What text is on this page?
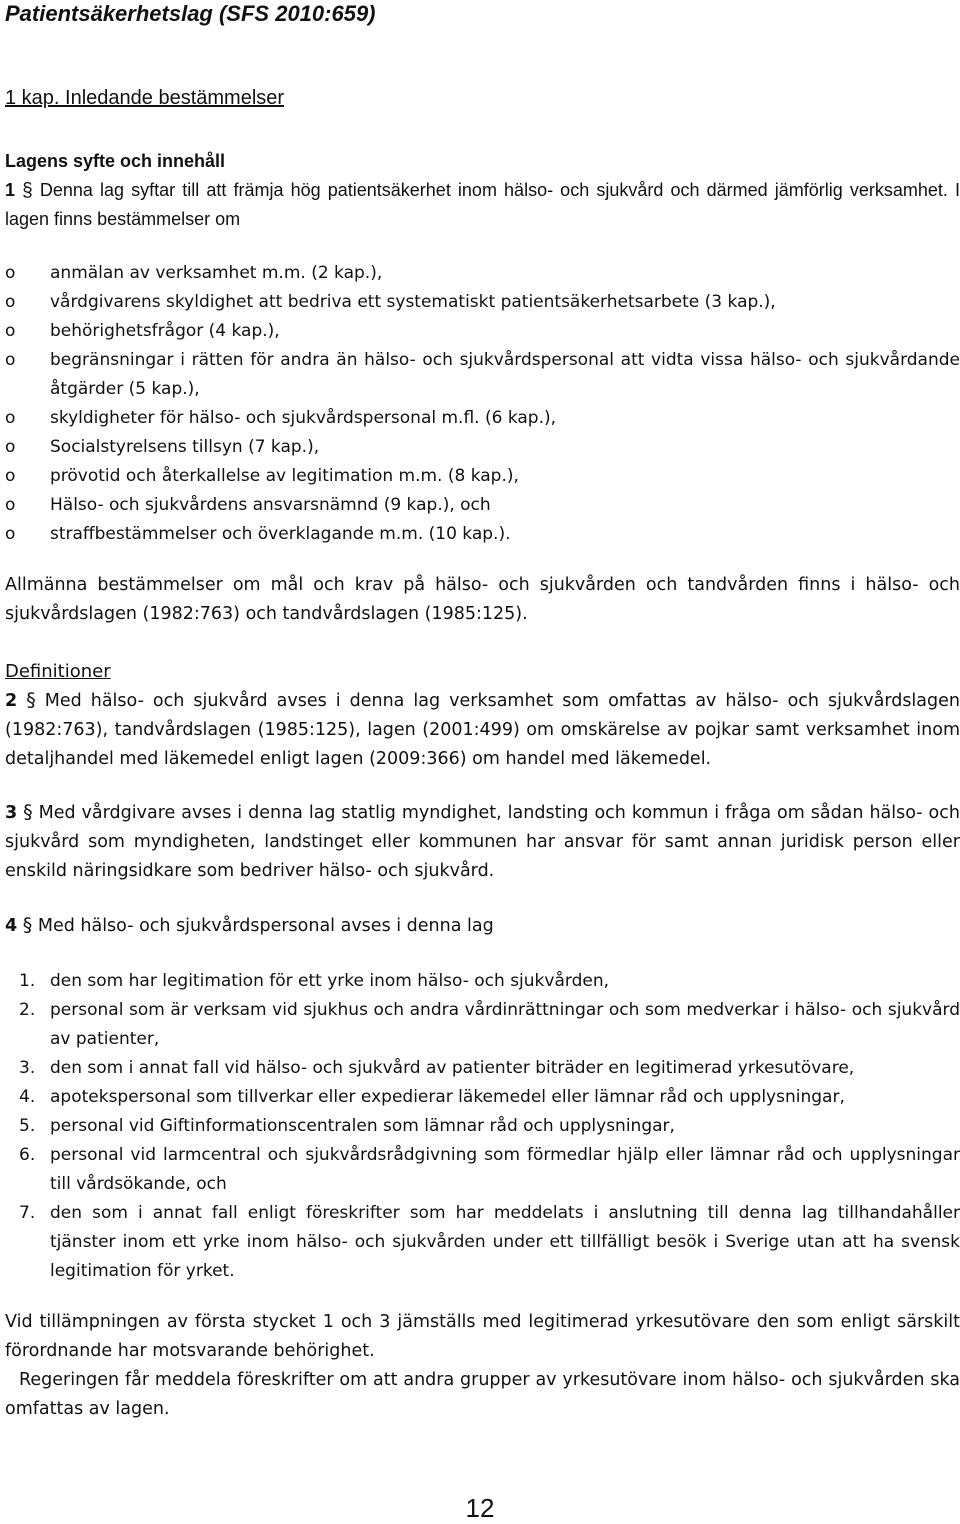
Patientsäkerhetslag (SFS 2010:659)

1 kap. Inledande bestämmelser

Lagens syfte och innehåll

1 § Denna lag syftar till att främja hög patientsäkerhet inom hälso- och sjukvård och därmed jämförlig verksamhet. I lagen finns bestämmelser om

o anmälan av verksamhet m.m. (2 kap.),
o vårdgivarens skyldighet att bedriva ett systematiskt patientsäkerhetsarbete (3 kap.),
o behörighetsfrågor (4 kap.),
o begränsningar i rätten för andra än hälso- och sjukvårdspersonal att vidta vissa hälso- och sjukvårdande åtgärder (5 kap.),
o skyldigheter för hälso- och sjukvårdspersonal m.fl. (6 kap.),
o Socialstyrelsens tillsyn (7 kap.),
o prövotid och återkallelse av legitimation m.m. (8 kap.),
o Hälso- och sjukvårdens ansvarsnämnd (9 kap.), och
o straffbestämmelser och överklagande m.m. (10 kap.).

Allmänna bestämmelser om mål och krav på hälso- och sjukvården och tandvården finns i hälso- och sjukvårdslagen (1982:763) och tandvårdslagen (1985:125).

Definitioner

2 § Med hälso- och sjukvård avses i denna lag verksamhet som omfattas av hälso- och sjukvårdslagen (1982:763), tandvårdslagen (1985:125), lagen (2001:499) om omskärelse av pojkar samt verksamhet inom detaljhandel med läkemedel enligt lagen (2009:366) om handel med läkemedel.

3 § Med vårdgivare avses i denna lag statlig myndighet, landsting och kommun i fråga om sådan hälso- och sjukvård som myndigheten, landstinget eller kommunen har ansvar för samt annan juridisk person eller enskild näringsidkare som bedriver hälso- och sjukvård.

4 § Med hälso- och sjukvårdspersonal avses i denna lag

1. den som har legitimation för ett yrke inom hälso- och sjukvården,
2. personal som är verksam vid sjukhus och andra vårdinrättningar och som medverkar i hälso- och sjukvård av patienter,
3. den som i annat fall vid hälso- och sjukvård av patienter biträder en legitimerad yrkesutövare,
4. apotekspersonal som tillverkar eller expedierar läkemedel eller lämnar råd och upplysningar,
5. personal vid Giftinformationscentralen som lämnar råd och upplysningar,
6. personal vid larmcentral och sjukvårdsrådgivning som förmedlar hjälp eller lämnar råd och upplysningar till vårdsökande, och
7. den som i annat fall enligt föreskrifter som har meddelats i anslutning till denna lag tillhandahåller tjänster inom ett yrke inom hälso- och sjukvården under ett tillfälligt besök i Sverige utan att ha svensk legitimation för yrket.

Vid tillämpningen av första stycket 1 och 3 jämställs med legitimerad yrkesutövare den som enligt särskilt förordnande har motsvarande behörighet.

Regeringen får meddela föreskrifter om att andra grupper av yrkesutövare inom hälso- och sjukvården ska omfattas av lagen.

12
